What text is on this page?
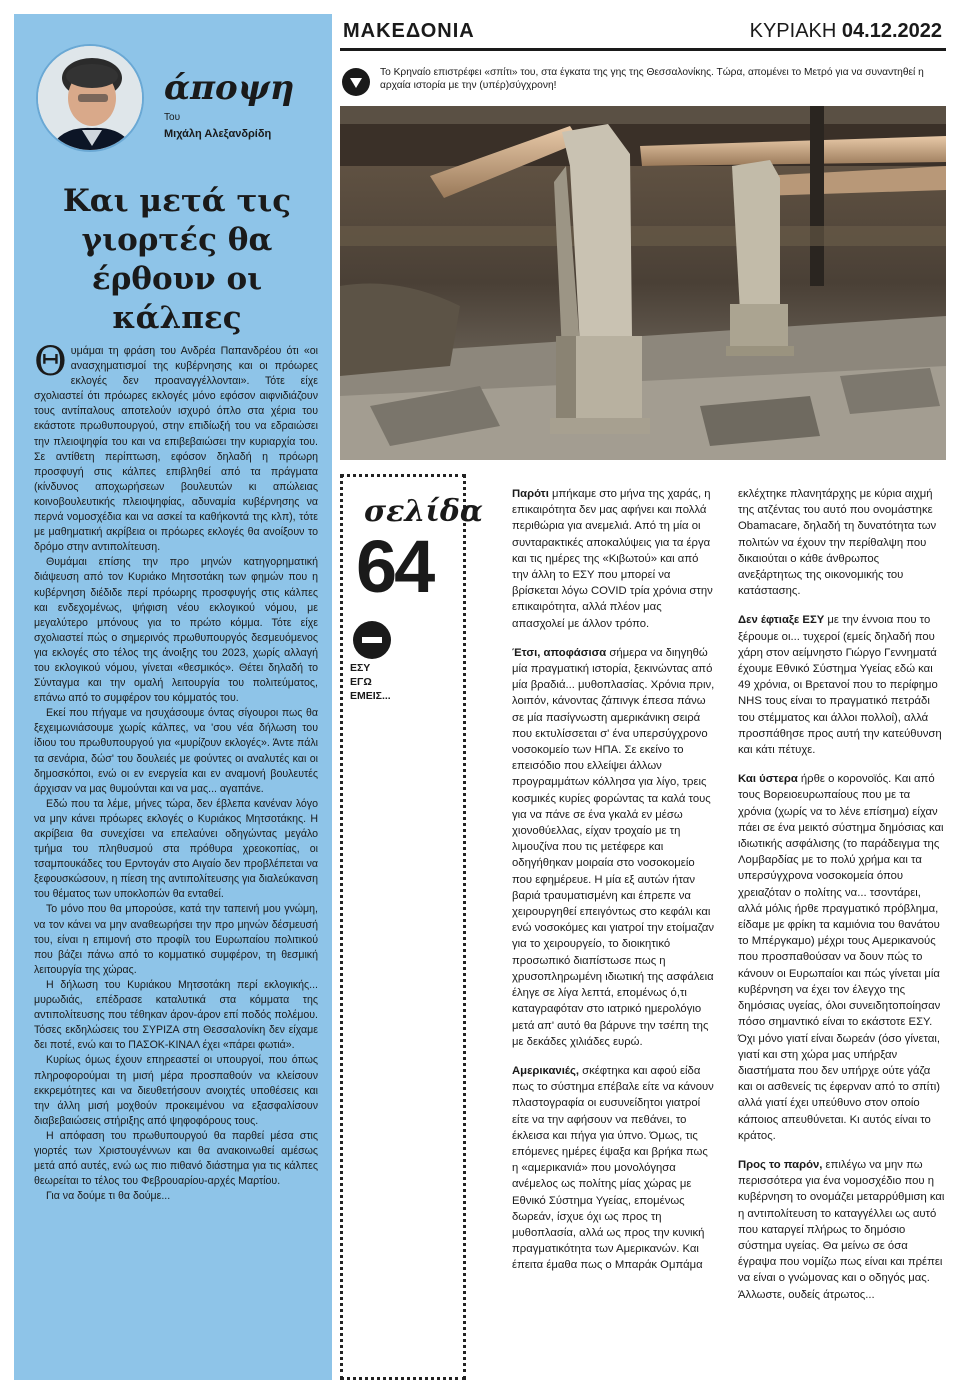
άποψη
Του
Μιχάλη Αλεξανδρίδη
Και μετά τις γιορτές θα έρθουν οι κάλπες

Θυμάμαι τη φράση του Ανδρέα Παπανδρέου ότι «οι ανασχηματισμοί της κυβέρνησης και οι πρόωρες εκλογές δεν προαναγγέλλονται». Τότε είχε σχολιαστεί ότι πρόωρες εκλογές μόνο εφόσον αιφνιδιάζουν τους αντίπαλους αποτελούν ισχυρό όπλο στα χέρια του εκάστοτε πρωθυπουργού, στην επιδίωξή του να εδραιώσει την πλειοψηφία του και να επιβεβαιώσει την κυριαρχία του. Σε αντίθετη περίπτωση, εφόσον δηλαδή η πρόωρη προσφυγή στις κάλπες επιβληθεί από τα πράγματα (κίνδυνος αποχωρήσεων βουλευτών κι απώλειας κοινοβουλευτικής πλειοψηφίας, αδυναμία κυβέρνησης να περνά νομοσχέδια και να ασκεί τα καθήκοντά της κλπ), τότε με μαθηματική ακρίβεια οι πρόωρες εκλογές θα ανοίξουν το δρόμο στην αντιπολίτευση.

Θυμάμαι επίσης την προ μηνών κατηγορηματική διάψευση από τον Κυριάκο Μητσοτάκη των φημών που η κυβέρνηση διέδιδε περί πρόωρης προσφυγής στις κάλπες και ενδεχομένως, ψήφιση νέου εκλογικού νόμου, με μεγαλύτερο μπόνους για το πρώτο κόμμα. Τότε είχε σχολιαστεί πώς ο σημερινός πρωθυπουργός δεσμευόμενος για εκλογές στο τέλος της άνοιξης του 2023, χωρίς αλλαγή του εκλογικού νόμου, γίνεται «θεσμικός». Θέτει δηλαδή το Σύνταγμα και την ομαλή λειτουργία του πολιτεύματος, επάνω από το συμφέρον του κόμματός του.

Εκεί που πήγαμε να ησυχάσουμε όντας σίγουροι πως θα ξεχειμωνιάσουμε χωρίς κάλπες, να 'σου νέα δήλωση του ίδιου του πρωθυπουργού για «μυρίζουν εκλογές». Άντε πάλι τα σενάρια, δώσ' του δουλειές με φούντες οι αναλυτές και οι δημοσκόποι, ενώ οι εν ενεργεία και εν αναμονή βουλευτές άρχισαν να μας θυμούνται και να μας... αγαπάνε.

Εδώ που τα λέμε, μήνες τώρα, δεν έβλεπα κανέναν λόγο να μην κάνει πρόωρες εκλογές ο Κυριάκος Μητσοτάκης. Η ακρίβεια θα συνεχίσει να επελαύνει οδηγώντας μεγάλο τμήμα του πληθυσμού στα πρόθυρα χρεοκοπίας, οι τσαμπουκάδες του Ερντογάν στο Αιγαίο δεν προβλέπεται να ξεφουσκώσουν, η πίεση της αντιπολίτευσης για διαλεύκανση του θέματος των υποκλοπών θα ενταθεί.

Το μόνο που θα μπορούσε, κατά την ταπεινή μου γνώμη, να τον κάνει να μην αναθεωρήσει την προ μηνών δέσμευσή του, είναι η επιμονή στο προφίλ του Ευρωπαίου πολιτικού που βάζει πάνω από το κομματικό συμφέρον, τη θεσμική λειτουργία της χώρας.

Η δήλωση του Κυριάκου Μητσοτάκη περί εκλογικής... μυρωδιάς, επέδρασε καταλυτικά στα κόμματα της αντιπολίτευσης που τέθηκαν άρον-άρον επί ποδός πολέμου. Τόσες εκδηλώσεις του ΣΥΡΙΖΑ στη Θεσσαλονίκη δεν είχαμε δει ποτέ, ενώ και το ΠΑΣΟΚ-ΚΙΝΑΛ έχει «πάρει φωτιά».

Κυρίως όμως έχουν επηρεαστεί οι υπουργοί, που όπως πληροφορούμαι τη μισή μέρα προσπαθούν να κλείσουν εκκρεμότητες και να διευθετήσουν ανοιχτές υποθέσεις και την άλλη μισή μοχθούν προκειμένου να εξασφαλίσουν διαβεβαιώσεις στήριξης από ψηφοφόρους τους.

Η απόφαση του πρωθυπουργού θα παρθεί μέσα στις γιορτές των Χριστουγέννων και θα ανακοινωθεί αμέσως μετά από αυτές, ενώ ως πιο πιθανό διάστημα για τις κάλπες θεωρείται το τέλος του Φεβρουαρίου-αρχές Μαρτίου.

Για να δούμε τι θα δούμε...

ΜΑΚΕΔΟΝΙΑ	ΚΥΡΙΑΚΗ 04.12.2022
Το Κρηναίο επιστρέφει «σπίτι» του, στα έγκατα της γης της Θεσσαλονίκης. Τώρα, απομένει το Μετρό για να συναντηθεί η αρχαία ιστορία με την (υπέρ)σύγχρονη!
σελίδα
64
ΕΣΥ
ΕΓΩ
ΕΜΕΙΣ...

Παρότι μπήκαμε στο μήνα της χαράς, η επικαιρότητα δεν μας αφήνει και πολλά περιθώρια για ανεμελιά. Από τη μία οι συνταρακτικές αποκαλύψεις για τα έργα και τις ημέρες της «Κιβωτού» και από την άλλη το ΕΣΥ που μπορεί να βρίσκεται λόγω COVID τρία χρόνια στην επικαιρότητα, αλλά πλέον μας απασχολεί με άλλον τρόπο.

Έτσι, αποφάσισα σήμερα να διηγηθώ μία πραγματική ιστορία, ξεκινώντας από μία βραδιά... μυθοπλασίας. Χρόνια πριν, λοιπόν, κάνοντας ζάπινγκ έπεσα πάνω σε μία πασίγνωστη αμερικάνικη σειρά που εκτυλίσσεται σ' ένα υπερσύγχρονο νοσοκομείο των ΗΠΑ. Σε εκείνο το επεισόδιο που ελλείψει άλλων προγραμμάτων κόλλησα για λίγο, τρεις κοσμικές κυρίες φορώντας τα καλά τους για να πάνε σε ένα γκαλά εν μέσω χιονοθύελλας, είχαν τροχαίο με τη λιμουζίνα που τις μετέφερε και οδηγήθηκαν μοιραία στο νοσοκομείο που εφημέρευε. Η μία εξ αυτών ήταν βαριά τραυματισμένη και έπρεπε να χειρουργηθεί επειγόντως στο κεφάλι και ενώ νοσοκόμες και γιατροί την ετοίμαζαν για το χειρουργείο, το διοικητικό προσωπικό διαπίστωσε πως η χρυσοπληρωμένη ιδιωτική της ασφάλεια έληγε σε λίγα λεπτά, επομένως ό,τι καταγραφόταν στο ιατρικό ημερολόγιο μετά απ' αυτό θα βάρυνε την τσέπη της με δεκάδες χιλιάδες ευρώ.

Αμερικανιές, σκέφτηκα και αφού είδα πως το σύστημα επέβαλε είτε να κάνουν πλαστογραφία οι ευσυνείδητοι γιατροί είτε να την αφήσουν να πεθάνει, το έκλεισα και πήγα για ύπνο. Όμως, τις επόμενες ημέρες έψαξα και βρήκα πως η «αμερικανιά» που μονολόγησα ανέμελος ως πολίτης μίας χώρας με Εθνικό Σύστημα Υγείας, επομένως δωρεάν, ίσχυε όχι ως προς τη μυθοπλασία, αλλά ως προς την κυνική πραγματικότητα των Αμερικανών. Και έπειτα έμαθα πως ο Μπαράκ Ομπάμα

εκλέχτηκε πλανητάρχης με κύρια αιχμή της ατζέντας του αυτό που ονομάστηκε Obamacare, δηλαδή τη δυνατότητα των πολιτών να έχουν την περίθαλψη που δικαιούται ο κάθε άνθρωπος ανεξάρτητως της οικονομικής του κατάστασης.

Δεν έφτιαξε ΕΣΥ με την έννοια που το ξέρουμε οι... τυχεροί (εμείς δηλαδή που χάρη στον αείμνηστο Γιώργο Γεννηματά έχουμε Εθνικό Σύστημα Υγείας εδώ και 49 χρόνια, οι Βρετανοί που το περίφημο NHS τους είναι το πραγματικό πετράδι του στέμματος και άλλοι πολλοί), αλλά προσπάθησε προς αυτή την κατεύθυνση και κάτι πέτυχε.

Και ύστερα ήρθε ο κορονοϊός. Και από τους Βορειοευρωπαίους που με τα χρόνια (χωρίς να το λένε επίσημα) είχαν πάει σε ένα μεικτό σύστημα δημόσιας και ιδιωτικής ασφάλισης (το παράδειγμα της Λομβαρδίας με το πολύ χρήμα και τα υπερσύγχρονα νοσοκομεία όπου χρειαζόταν ο πολίτης να... τσοντάρει, αλλά μόλις ήρθε πραγματικό πρόβλημα, είδαμε με φρίκη τα καμιόνια του θανάτου το Μπέργκαμο) μέχρι τους Αμερικανούς που προσπαθούσαν να δουν πώς το κάνουν οι Ευρωπαίοι και πώς γίνεται μία κυβέρνηση να έχει τον έλεγχο της δημόσιας υγείας, όλοι συνειδητοποίησαν πόσο σημαντικό είναι το εκάστοτε ΕΣΥ. Όχι μόνο γιατί είναι δωρεάν (όσο γίνεται, γιατί και στη χώρα μας υπήρξαν διαστήματα που δεν υπήρχε ούτε γάζα και οι ασθενείς τις έφερναν από το σπίτι) αλλά γιατί έχει υπεύθυνο στον οποίο κάποιος απευθύνεται. Κι αυτός είναι το κράτος.

Προς το παρόν, επιλέγω να μην πω περισσότερα για ένα νομοσχέδιο που η κυβέρνηση το ονομάζει μεταρρύθμιση και η αντιπολίτευση το καταγγέλλει ως αυτό που καταργεί πλήρως το δημόσιο σύστημα υγείας. Θα μείνω σε όσα έγραψα που νομίζω πως είναι και πρέπει να είναι ο γνώμονας και ο οδηγός μας. Άλλωστε, ουδείς άτρωτος...
